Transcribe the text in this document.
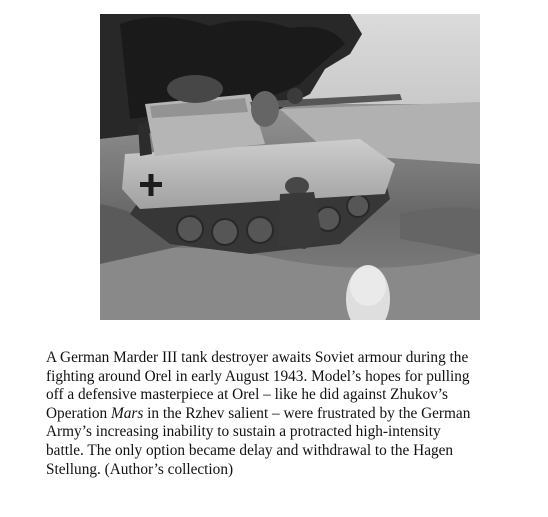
A German Marder III tank destroyer awaits Soviet armour during the
fighting around Orel in early August 1943. Model’s hopes for pulling
off a defensive masterpiece at Orel – like he did against Zhukov’s
Operation Mars in the Rzhev salient – were frustrated by the German
Army’s increasing inability to sustain a protracted high-intensity
battle. The only option became delay and withdrawal to the Hagen
Stellung. (Author’s collection)
